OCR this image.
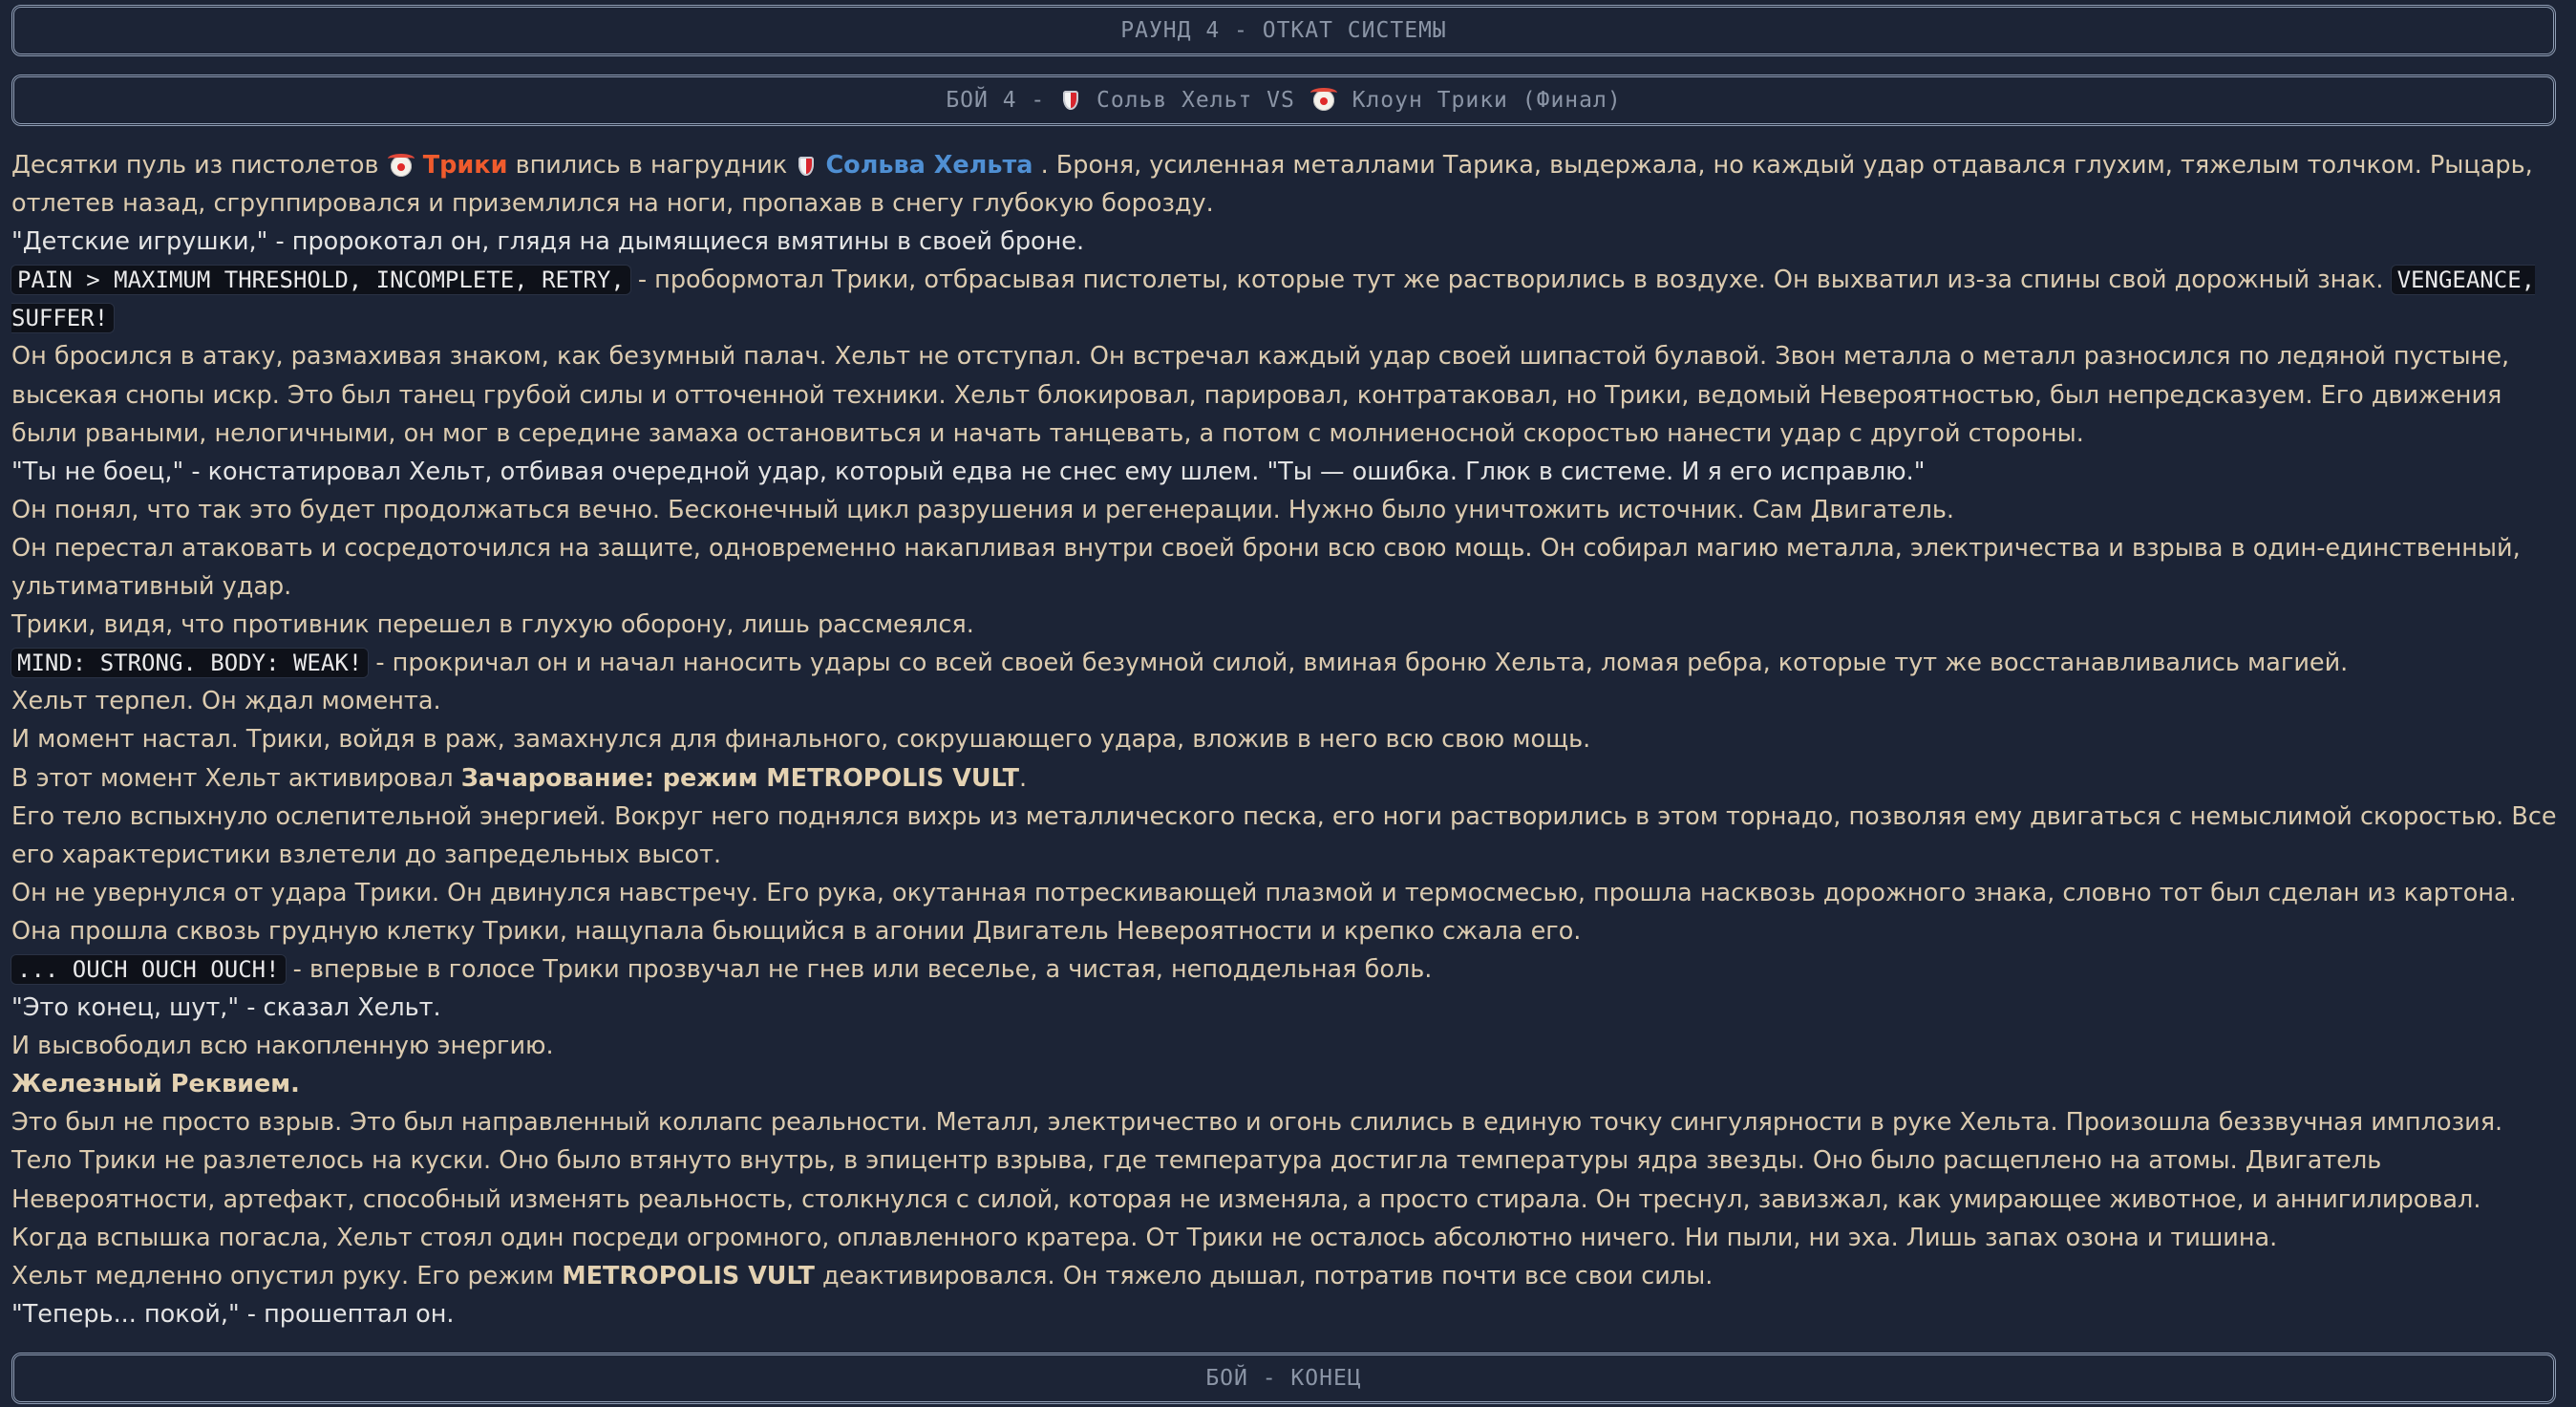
РАУНД 4 - ОТКАТ СИСТЕМЫ
БОЙ 4 -

Сольв Хельт
VS

	Клоун Трики (Финал)

Десятки пуль из пистолетов Трики впились в нагрудник Сольва Хельта . Броня, усиленная металлами Тарика, выдержала, но каждый удар отдавался глухим, тяжелым толчком. Рыцарь, отлетев назад, сгруппировался и приземлился на ноги, пропахав в снегу глубокую борозду.

"Детские игрушки," - пророкотал он, глядя на дымящиеся вмятины в своей броне.

PAIN > MAXIMUM THRESHOLD, INCOMPLETE, RETRY, - пробормотал Трики, отбрасывая пистолеты, которые тут же растворились в воздухе. Он выхватил из-за спины свой дорожный знак. VENGEANCE, SUFFER!

Он бросился в атаку, размахивая знаком, как безумный палач. Хельт не отступал. Он встречал каждый удар своей шипастой булавой. Звон металла о металл разносился по ледяной пустыне, высекая снопы искр. Это был танец грубой силы и отточенной техники. Хельт блокировал, парировал, контратаковал, но Трики, ведомый Невероятностью, был непредсказуем. Его движения были рваными, нелогичными, он мог в середине замаха остановиться и начать танцевать, а потом с молниеносной скоростью нанести удар с другой стороны.

"Ты не боец," - констатировал Хельт, отбивая очередной удар, который едва не снес ему шлем. "Ты — ошибка. Глюк в системе. И я его исправлю."

Он понял, что так это будет продолжаться вечно. Бесконечный цикл разрушения и регенерации. Нужно было уничтожить источник. Сам Двигатель.

Он перестал атаковать и сосредоточился на защите, одновременно накапливая внутри своей брони всю свою мощь. Он собирал магию металла, электричества и взрыва в один-единственный, ультимативный удар.

Трики, видя, что противник перешел в глухую оборону, лишь рассмеялся.

MIND: STRONG. BODY: WEAK! - прокричал он и начал наносить удары со всей своей безумной силой, вминая броню Хельта, ломая ребра, которые тут же восстанавливались магией.

Хельт терпел. Он ждал момента.

И момент настал. Трики, войдя в раж, замахнулся для финального, сокрушающего удара, вложив в него всю свою мощь.

В этот момент Хельт активировал Зачарование: режим METROPOLIS VULT.

Его тело вспыхнуло ослепительной энергией. Вокруг него поднялся вихрь из металлического песка, его ноги растворились в этом торнадо, позволяя ему двигаться с немыслимой скоростью. Все его характеристики взлетели до запредельных высот.

Он не увернулся от удара Трики. Он двинулся навстречу. Его рука, окутанная потрескивающей плазмой и термосмесью, прошла насквозь дорожного знака, словно тот был сделан из картона. Она прошла сквозь грудную клетку Трики, нащупала бьющийся в агонии Двигатель Невероятности и крепко сжала его.

... OUCH OUCH OUCH! - впервые в голосе Трики прозвучал не гнев или веселье, а чистая, неподдельная боль.

"Это конец, шут," - сказал Хельт.

И высвободил всю накопленную энергию.

Железный Реквием.

Это был не просто взрыв. Это был направленный коллапс реальности. Металл, электричество и огонь слились в единую точку сингулярности в руке Хельта. Произошла беззвучная имплозия. Тело Трики не разлетелось на куски. Оно было втянуто внутрь, в эпицентр взрыва, где температура достигла температуры ядра звезды. Оно было расщеплено на атомы. Двигатель Невероятности, артефакт, способный изменять реальность, столкнулся с силой, которая не изменяла, а просто стирала. Он треснул, завизжал, как умирающее животное, и аннигилировал.

Когда вспышка погасла, Хельт стоял один посреди огромного, оплавленного кратера. От Трики не осталось абсолютно ничего. Ни пыли, ни эха. Лишь запах озона и тишина.

Хельт медленно опустил руку. Его режим METROPOLIS VULT деактивировался. Он тяжело дышал, потратив почти все свои силы.

"Теперь... покой," - прошептал он.

БОЙ - КОНЕЦ
